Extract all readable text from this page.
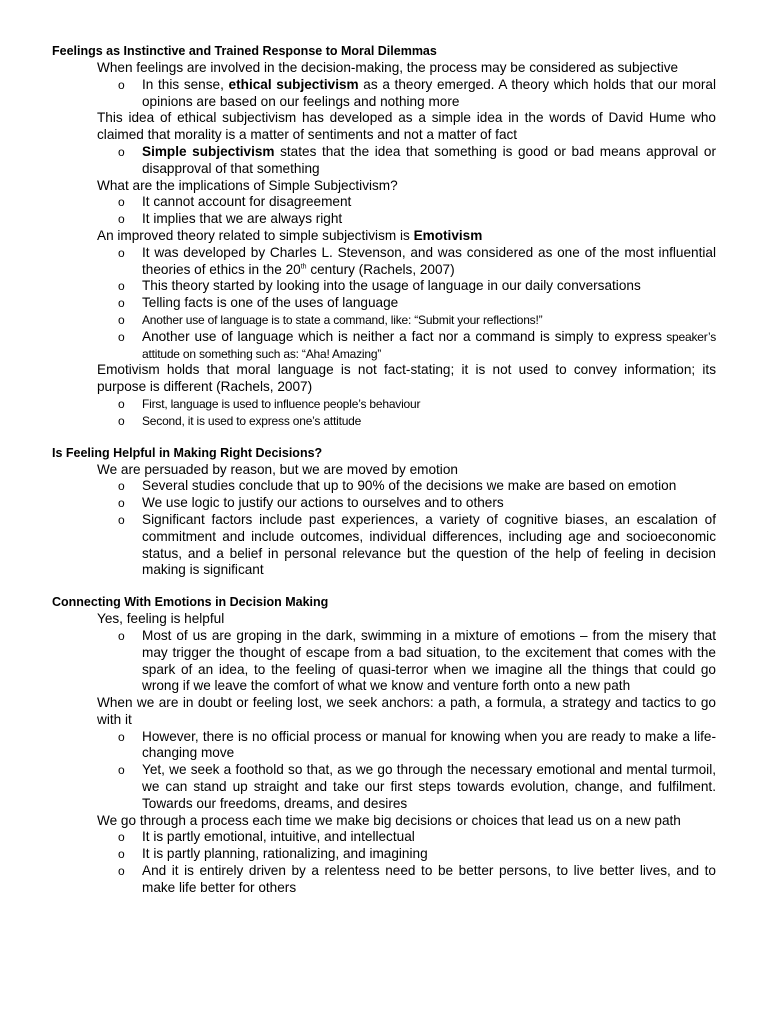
Feelings as Instinctive and Trained Response to Moral Dilemmas
When feelings are involved in the decision-making, the process may be considered as subjective
o In this sense, ethical subjectivism as a theory emerged. A theory which holds that our moral opinions are based on our feelings and nothing more
This idea of ethical subjectivism has developed as a simple idea in the words of David Hume who claimed that morality is a matter of sentiments and not a matter of fact
o Simple subjectivism states that the idea that something is good or bad means approval or disapproval of that something
What are the implications of Simple Subjectivism?
o It cannot account for disagreement
o It implies that we are always right
An improved theory related to simple subjectivism is Emotivism
o It was developed by Charles L. Stevenson, and was considered as one of the most influential theories of ethics in the 20th century (Rachels, 2007)
o This theory started by looking into the usage of language in our daily conversations
o Telling facts is one of the uses of language
o Another use of language is to state a command, like: “Submit your reflections!”
o Another use of language which is neither a fact nor a command is simply to express speaker’s attitude on something such as: “Aha! Amazing”
Emotivism holds that moral language is not fact-stating; it is not used to convey information; its purpose is different (Rachels, 2007)
o First, language is used to influence people’s behaviour
o Second, it is used to express one’s attitude
Is Feeling Helpful in Making Right Decisions?
We are persuaded by reason, but we are moved by emotion
o Several studies conclude that up to 90% of the decisions we make are based on emotion
o We use logic to justify our actions to ourselves and to others
o Significant factors include past experiences, a variety of cognitive biases, an escalation of commitment and include outcomes, individual differences, including age and socioeconomic status, and a belief in personal relevance but the question of the help of feeling in decision making is significant
Connecting With Emotions in Decision Making
Yes, feeling is helpful
o Most of us are groping in the dark, swimming in a mixture of emotions – from the misery that may trigger the thought of escape from a bad situation, to the excitement that comes with the spark of an idea, to the feeling of quasi-terror when we imagine all the things that could go wrong if we leave the comfort of what we know and venture forth onto a new path
When we are in doubt or feeling lost, we seek anchors: a path, a formula, a strategy and tactics to go with it
o However, there is no official process or manual for knowing when you are ready to make a life-changing move
o Yet, we seek a foothold so that, as we go through the necessary emotional and mental turmoil, we can stand up straight and take our first steps towards evolution, change, and fulfilment. Towards our freedoms, dreams, and desires
We go through a process each time we make big decisions or choices that lead us on a new path
o It is partly emotional, intuitive, and intellectual
o It is partly planning, rationalizing, and imagining
o And it is entirely driven by a relentess need to be better persons, to live better lives, and to make life better for others
